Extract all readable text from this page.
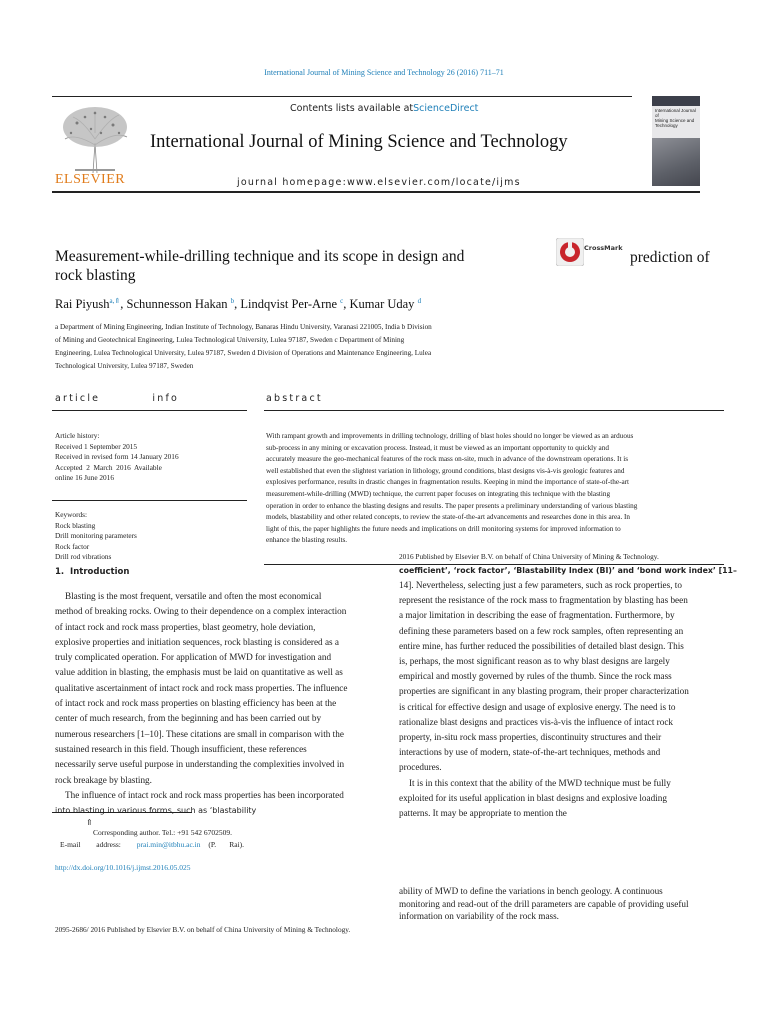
International Journal of Mining Science and Technology 26 (2016) 711–71
Contents lists available atScienceDirect
ELSEVIER
International Journal of Mining Science and Technology
journal homepage:www.elsevier.com/locate/ijms
International Journal of
Mining Science and
Technology
Measurement-while-drilling technique and its scope in design and
rock blasting
CrossMark
prediction of
Rai Piyush$^{a,⇑}$, Schunnesson Hakan $^b$, Lindqvist Per-Arne $^c$, Kumar Uday $^d$
a Department of Mining Engineering, Indian Institute of Technology, Banaras Hindu University, Varanasi 221005, India b Division
of Mining and Geotechnical Engineering, Lulea Technological University, Lulea 97187, Sweden c Department of Mining
Engineering, Lulea Technological University, Lulea 97187, Sweden d Division of Operations and Maintenance Engineering, Lulea
Technological University, Lulea 97187, Sweden
article          info	abstract
Article history:
Received 1 September 2015
Received in revised form 14 January 2016
Accepted  2  March  2016  Available
online 16 June 2016
Keywords:
Rock blasting
Drill monitoring parameters
Rock factor
Drill rod vibrations
With rampant growth and improvements in drilling technology, drilling of blast holes should no longer be viewed as an arduous
sub-process in any mining or excavation process. Instead, it must be viewed as an important opportunity to quickly and
accurately measure the geo-mechanical features of the rock mass on-site, much in advance of the downstream operations. It is
well established that even the slightest variation in lithology, ground conditions, blast designs vis-à-vis geologic features and
explosives performance, results in drastic changes in fragmentation results. Keeping in mind the importance of state-of-the-art
measurement-while-drilling (MWD) technique, the current paper focuses on integrating this technique with the blasting
operation in order to enhance the blasting designs and results. The paper presents a preliminary understanding of various blasting
models, blastability and other related concepts, to review the state-of-the-art advancements and researches done in this area. In
light of this, the paper highlights the future needs and implications on drill monitoring systems for improved information to
enhance the blasting results.
2016 Published by Elsevier B.V. on behalf of China University of Mining & Technology.
1.  Introduction
Blasting is the most frequent, versatile and often the most economical
method of breaking rocks. Owing to their dependence on a complex interaction
of intact rock and rock mass properties, blast geometry, hole deviation,
explosive properties and initiation sequences, rock blasting is considered as a
truly complicated operation. For application of MWD for investigation and
value addition in blasting, the emphasis must be laid on quantitative as well as
qualitative ascertainment of intact rock and rock mass properties. The influence
of intact rock and rock mass properties on blasting efficiency has been at the
center of much research, from the beginning and has been carried out by
numerous researchers [1–10]. These citations are small in comparison with the
sustained research in this field. Though insufficient, these references
necessarily serve useful purpose in understanding the complexities involved in
rock breakage by blasting.
The influence of intact rock and rock mass properties has been incorporated
into blasting in various forms, such as ‘blastability
coefficient’, ‘rock factor’, ‘Blastability Index (BI)’ and ‘bond work index’ [11–
14]. Nevertheless, selecting just a few parameters, such as rock properties, to
represent the resistance of the rock mass to fragmentation by blasting has been
a major limitation in describing the ease of fragmentation. Furthermore, by
defining these parameters based on a few rock samples, often representing an
entire mine, has further reduced the possibilities of detailed blast design. This
is, perhaps, the most significant reason as to why blast designs are largely
empirical and mostly governed by rules of the thumb. Since the rock mass
properties are significant in any blasting program, their proper characterization
is critical for effective design and usage of explosive energy. The need is to
rationalize blast designs and practices vis-à-vis the influence of intact rock
property, in-situ rock mass properties, discontinuity structures and their
interactions by use of modern, state-of-the-art techniques, methods and
procedures.
It is in this context that the ability of the MWD technique must be fully
exploited for its useful application in blast designs and explosive loading
patterns. It may be appropriate to mention the
⇑
Corresponding author. Tel.: +91 542 6702509.
E-mail address: prai.min@itbhu.ac.in (P.       Rai).
http://dx.doi.org/10.1016/j.ijmst.2016.05.025
ability of MWD to define the variations in bench geology. A continuous
monitoring and read-out of the drill parameters are capable of providing useful
information on variability of the rock mass.
2095-2686/ 2016 Published by Elsevier B.V. on behalf of China University of Mining & Technology.
